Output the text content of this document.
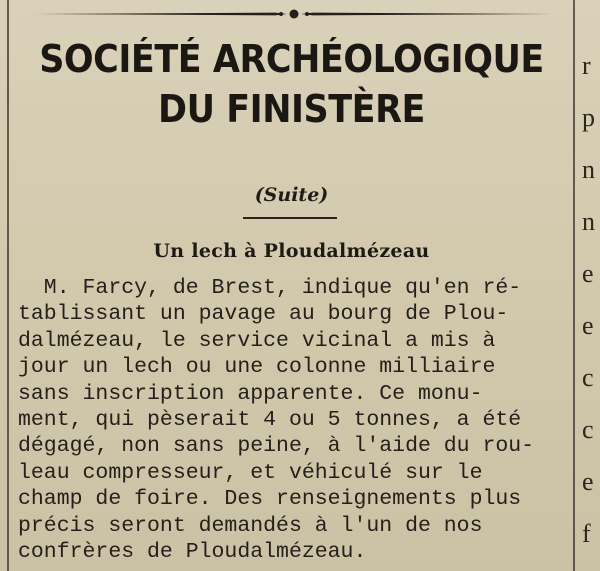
r
p
n
n
e
e
c
c
e
f
SOCIÉTÉ ARCHÉOLOGIQUE
DU FINISTÈRE
(Suite)
Un lech à Ploudalmézeau
M. Farcy, de Brest, indique qu'en ré-
tablissant un pavage au bourg de Plou-
dalmézeau, le service vicinal a mis à
jour un lech ou une colonne milliaire
sans inscription apparente. Ce monu-
ment, qui pèserait 4 ou 5 tonnes, a été
dégagé, non sans peine, à l'aide du rou-
leau compresseur, et véhiculé sur le
champ de foire. Des renseignements plus
précis seront demandés à l'un de nos
confrères de Ploudalmézeau.
